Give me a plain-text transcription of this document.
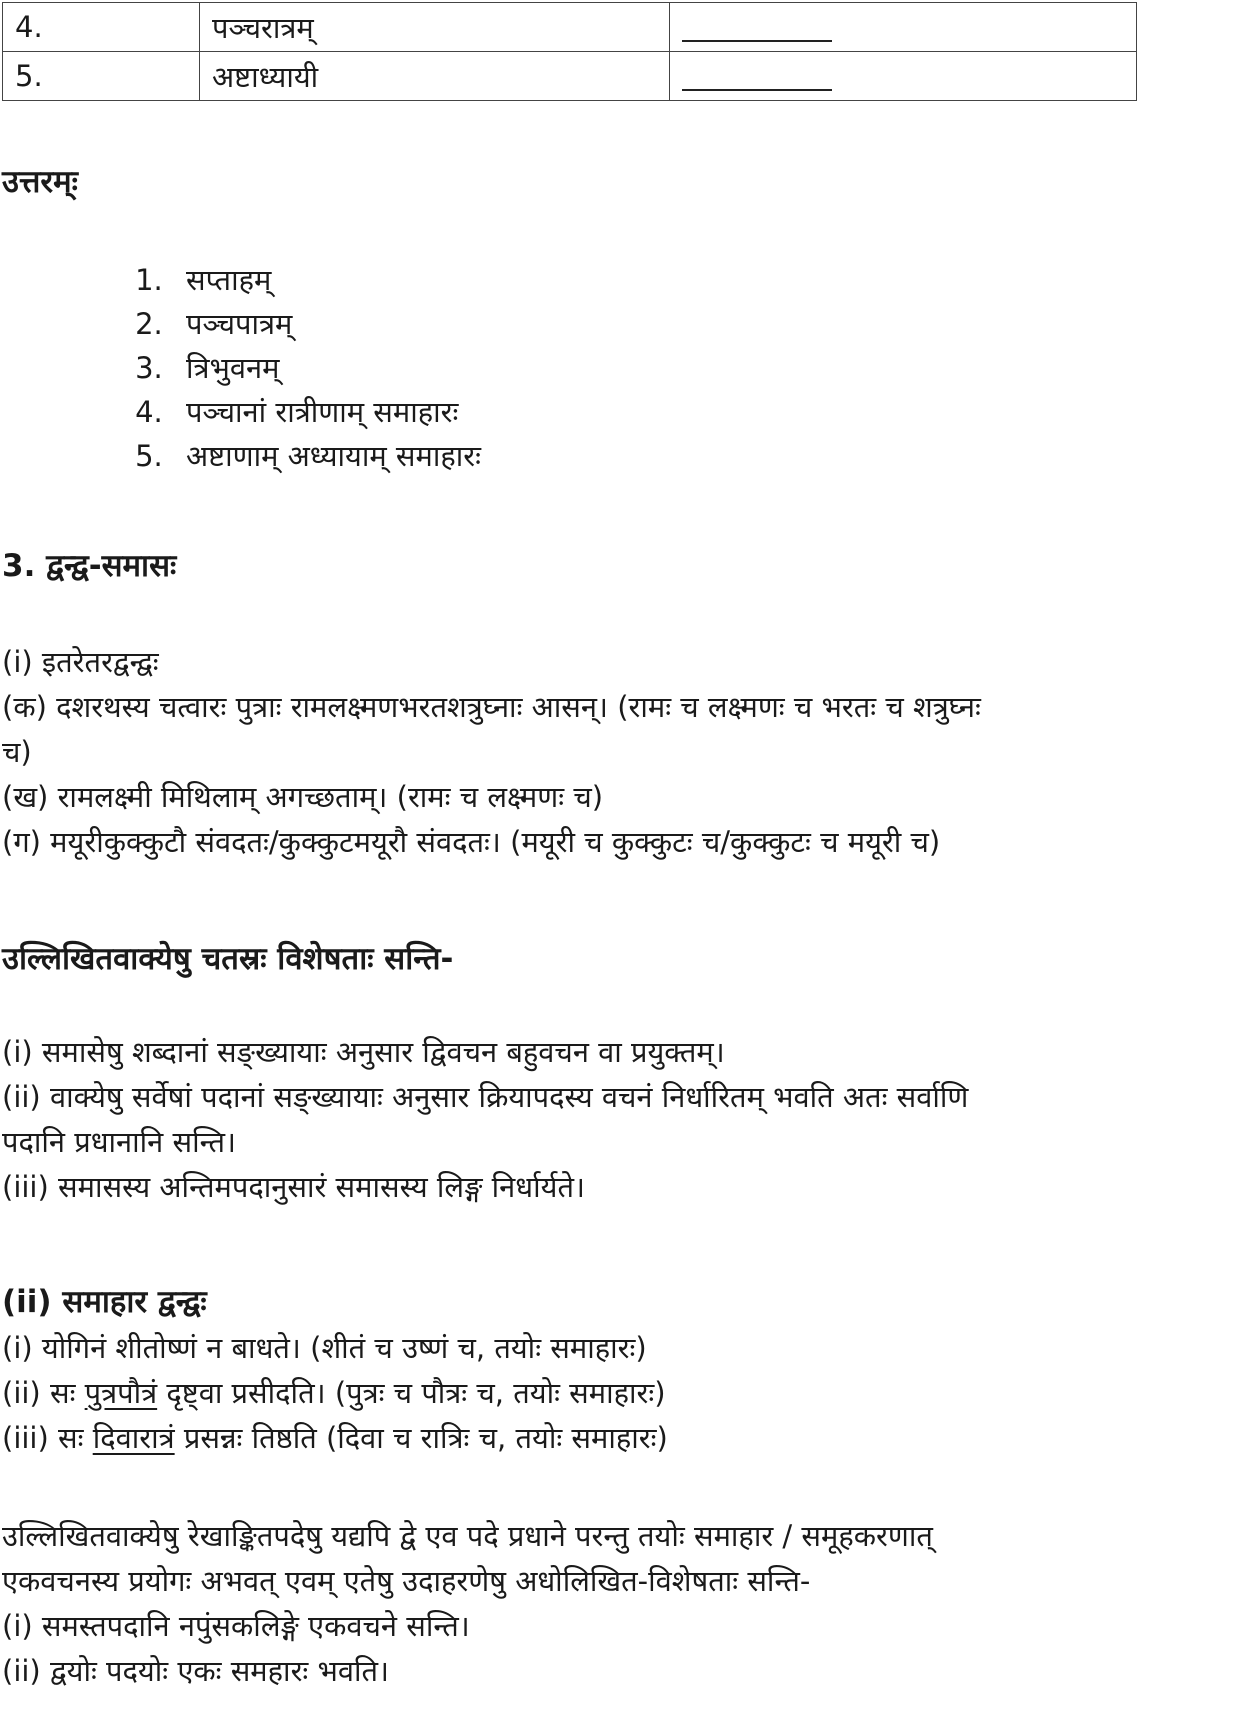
4.	पञ्चरात्रम्	
5.	अष्टाध्यायी	
उत्तरम्ः
1. सप्ताहम्
2. पञ्चपात्रम्
3. त्रिभुवनम्
4. पञ्चानां रात्रीणाम् समाहारः
5. अष्टाणाम् अध्यायाम् समाहारः
3. द्वन्द्व-समासः
(i) इतरेतरद्वन्द्वः
(क) दशरथस्य चत्वारः पुत्राः रामलक्ष्मणभरतशत्रुघ्नाः आसन्। (रामः च लक्ष्मणः च भरतः च शत्रुघ्नः
च)
(ख) रामलक्ष्मी मिथिलाम् अगच्छताम्। (रामः च लक्ष्मणः च)
(ग) मयूरीकुक्कुटौ संवदतः/कुक्कुटमयूरौ संवदतः। (मयूरी च कुक्कुटः च/कुक्कुटः च मयूरी च)
उल्लिखितवाक्येषु चतस्रः विशेषताः सन्ति-
(i) समासेषु शब्दानां सङ्ख्यायाः अनुसार द्विवचन बहुवचन वा प्रयुक्तम्।
(ii) वाक्येषु सर्वेषां पदानां सङ्ख्यायाः अनुसार क्रियापदस्य वचनं निर्धारितम् भवति अतः सर्वाणि
पदानि प्रधानानि सन्ति।
(iii) समासस्य अन्तिमपदानुसारं समासस्य लिङ्ग निर्धार्यते।
(ii) समाहार द्वन्द्वः
(i) योगिनं शीतोष्णं न बाधते। (शीतं च उष्णं च, तयोः समाहारः)
(ii) सः पुत्रपौत्रं दृष्ट्वा प्रसीदति। (पुत्रः च पौत्रः च, तयोः समाहारः)
(iii) सः दिवारात्रं प्रसन्नः तिष्ठति (दिवा च रात्रिः च, तयोः समाहारः)
उल्लिखितवाक्येषु रेखाङ्कितपदेषु यद्यपि द्वे एव पदे प्रधाने परन्तु तयोः समाहार / समूहकरणात्
एकवचनस्य प्रयोगः अभवत् एवम् एतेषु उदाहरणेषु अधोलिखित-विशेषताः सन्ति-
(i) समस्तपदानि नपुंसकलिङ्गे एकवचने सन्ति।
(ii) द्वयोः पदयोः एकः समहारः भवति।
